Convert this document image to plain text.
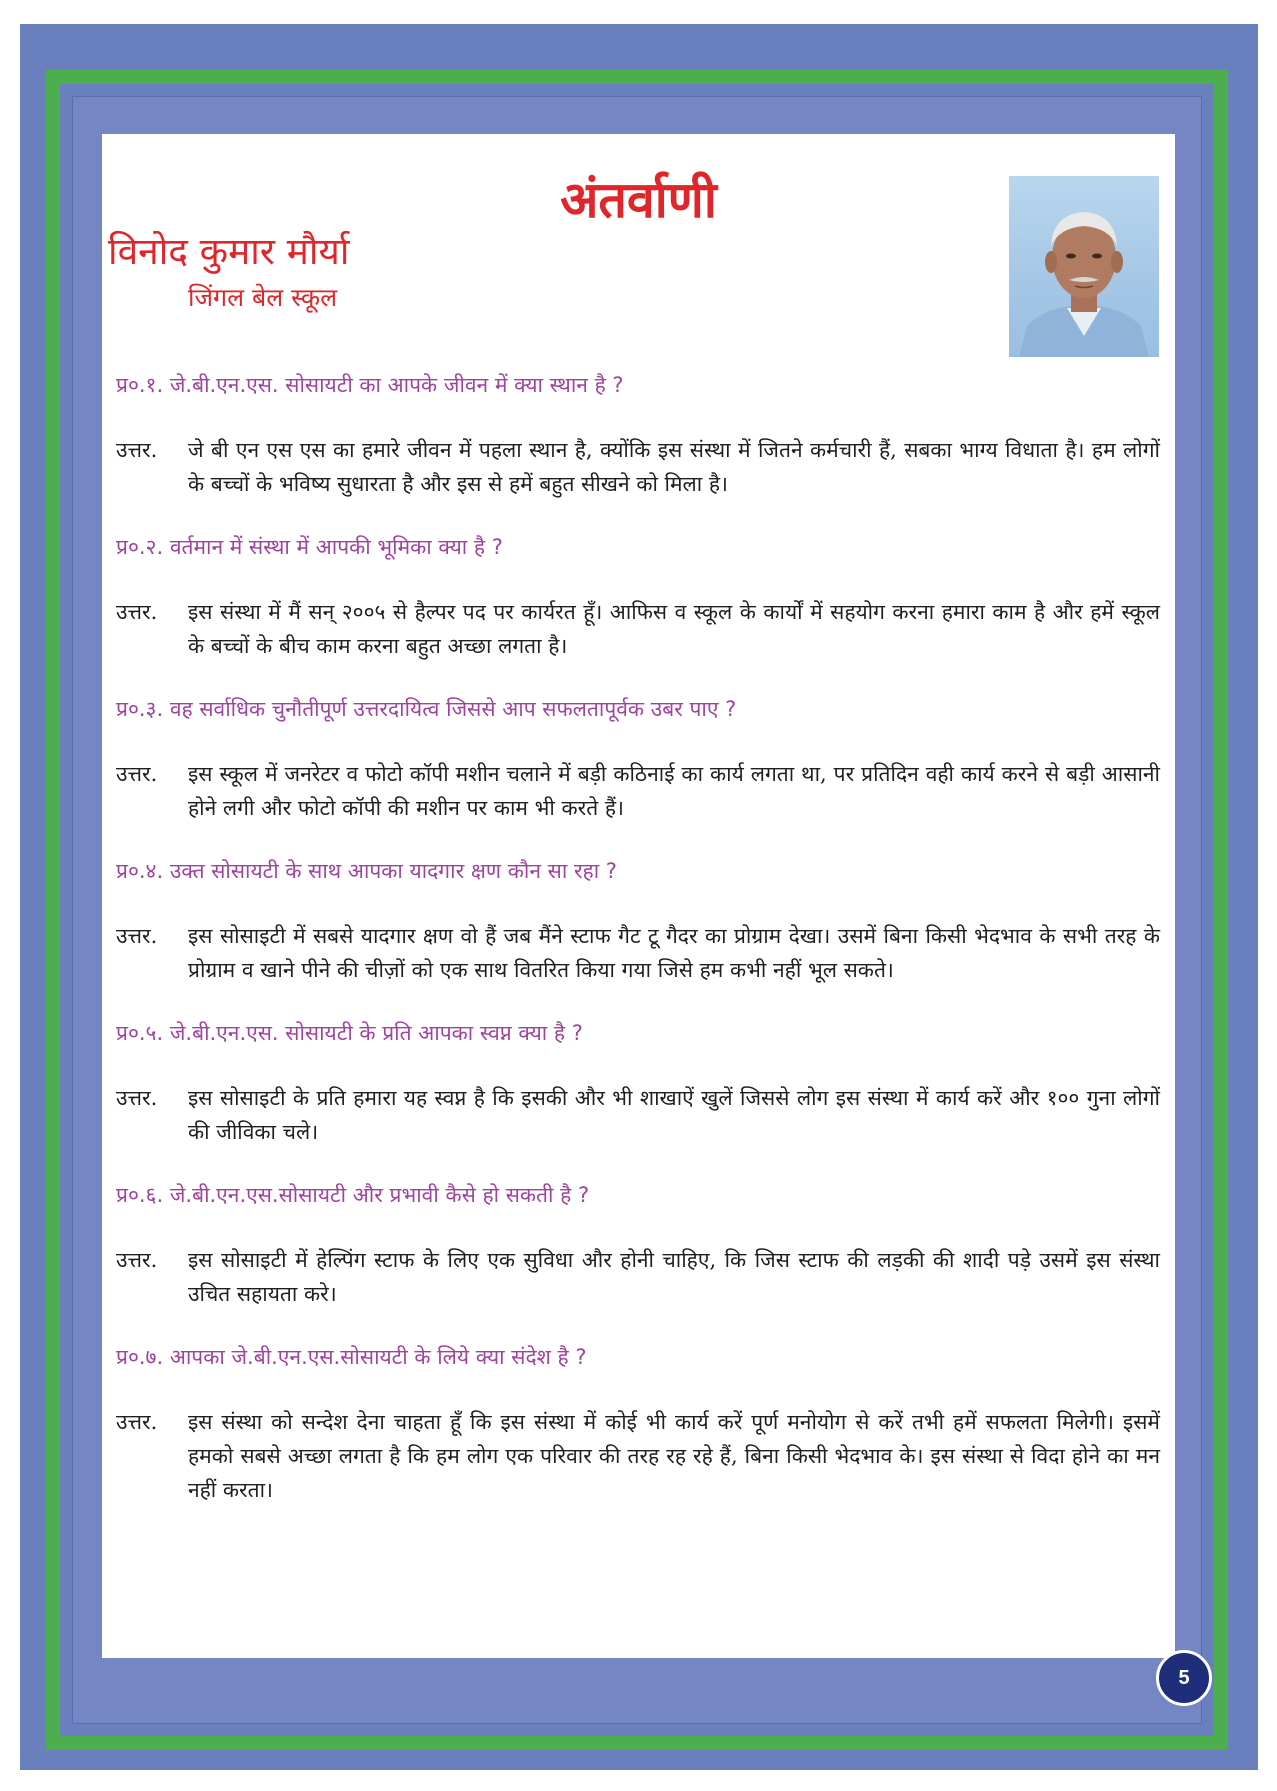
अंतर्वाणी
विनोद कुमार मौर्या
जिंगल बेल स्कूल

प्र०.१. जे.बी.एन.एस. सोसायटी का आपके जीवन में क्या स्थान है ?

उत्तर. जे बी एन एस एस का हमारे जीवन में पहला स्थान है, क्योंकि इस संस्था में जितने कर्मचारी हैं, सबका भाग्य विधाता है। हम लोगों के बच्चों के भविष्य सुधारता है और इस से हमें बहुत सीखने को मिला है।

प्र०.२. वर्तमान में संस्था में आपकी भूमिका क्या है ?

उत्तर. इस संस्था में मैं सन् २००५ से हैल्पर पद पर कार्यरत हूँ। आफिस व स्कूल के कार्यों में सहयोग करना हमारा काम है और हमें स्कूल के बच्चों के बीच काम करना बहुत अच्छा लगता है।

प्र०.३. वह सर्वाधिक चुनौतीपूर्ण उत्तरदायित्व जिससे आप सफलतापूर्वक उबर पाए ?

उत्तर. इस स्कूल में जनरेटर व फोटो कॉपी मशीन चलाने में बड़ी कठिनाई का कार्य लगता था, पर प्रतिदिन वही कार्य करने से बड़ी आसानी होने लगी और फोटो कॉपी की मशीन पर काम भी करते हैं।

प्र०.४. उक्त सोसायटी के साथ आपका यादगार क्षण कौन सा रहा ?

उत्तर. इस सोसाइटी में सबसे यादगार क्षण वो हैं जब मैंने स्टाफ गैट टू गैदर का प्रोग्राम देखा। उसमें बिना किसी भेदभाव के सभी तरह के प्रोग्राम व खाने पीने की चीज़ों को एक साथ वितरित किया गया जिसे हम कभी नहीं भूल सकते।

प्र०.५. जे.बी.एन.एस. सोसायटी के प्रति आपका स्वप्न क्या है ?

उत्तर. इस सोसाइटी के प्रति हमारा यह स्वप्न है कि इसकी और भी शाखाऐं खुलें जिससे लोग इस संस्था में कार्य करें और १०० गुना लोगों की जीविका चले।

प्र०.६. जे.बी.एन.एस.सोसायटी और प्रभावी कैसे हो सकती है ?

उत्तर. इस सोसाइटी में हेल्पिंग स्टाफ के लिए एक सुविधा और होनी चाहिए, कि जिस स्टाफ की लड़की की शादी पड़े उसमें इस संस्था उचित सहायता करे।

प्र०.७. आपका जे.बी.एन.एस.सोसायटी के लिये क्या संदेश है ?

उत्तर. इस संस्था को सन्देश देना चाहता हूँ कि इस संस्था में कोई भी कार्य करें पूर्ण मनोयोग से करें तभी हमें सफलता मिलेगी। इसमें हमको सबसे अच्छा लगता है कि हम लोग एक परिवार की तरह रह रहे हैं, बिना किसी भेदभाव के। इस संस्था से विदा होने का मन नहीं करता।

5
